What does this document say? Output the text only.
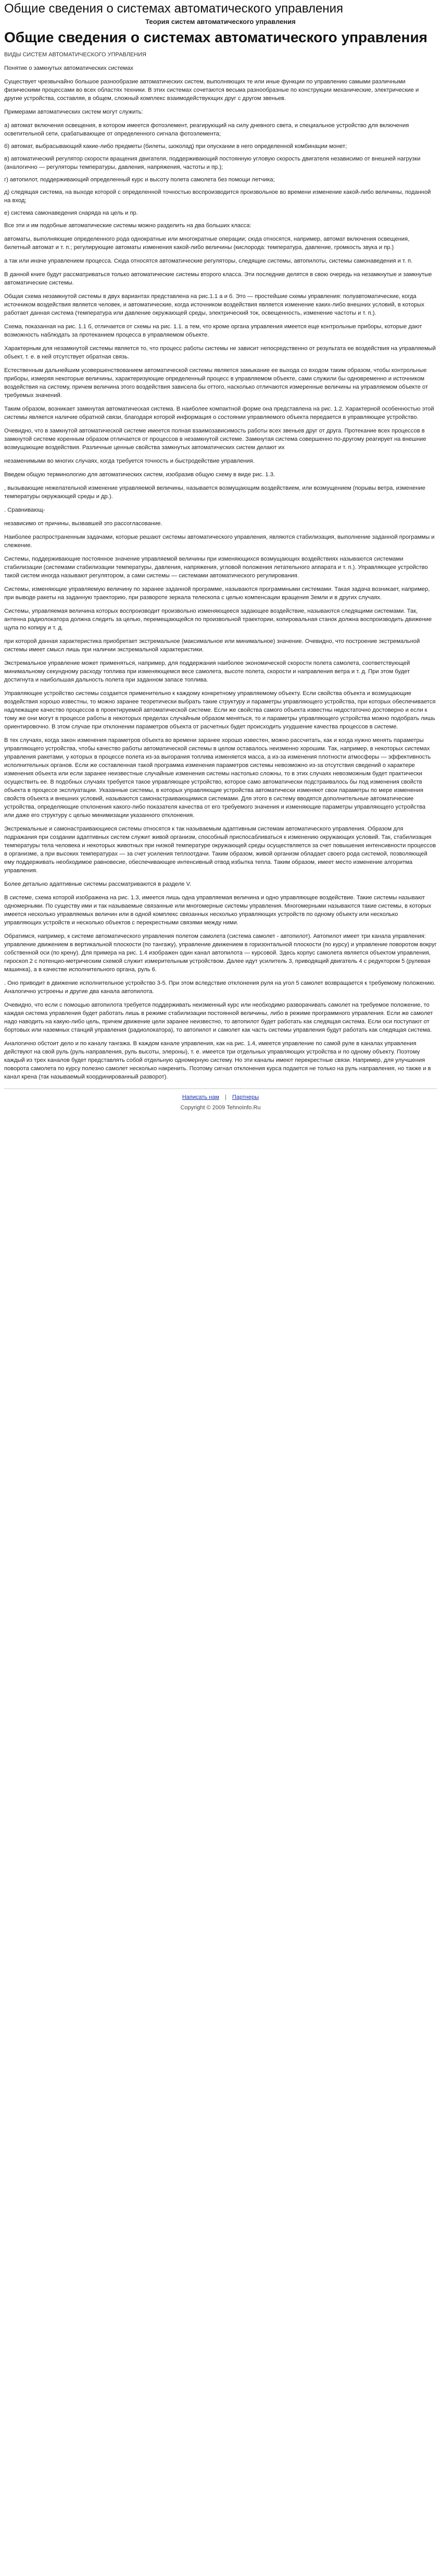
Общие сведения о системах автоматического управления
Теория систем автоматического управления
Общие сведения о системах автоматического управления
ВИДЫ СИСТЕМ АВТОМАТИЧЕСКОГО УПРАВЛЕНИЯ

Понятие о замкнутых автоматических системах

Существует чрезвычайно большое разнообразие автоматических систем, выполняющих те или иные функции по управлению самыми различными физическими процессами во всех областях техники. В этих системах сочетаются весьма разнообразные по конструкции механические, электрические и другие устройства, составляя, в общем, сложный комплекс взаимодействующих друг с другом звеньев.

Примерами автоматических систем могут служить:

а) автомат включения освещения, в котором имеется фотоэлемент, реагирующий на силу дневного света, и специальное устройство для включения осветительной сети, срабатывающее от определенного сигнала фотоэлемента;

б) автомат, выбрасывающий какие-либо предметы (билеты, шоколад) при опускании в него определенной комбинации монет;

в) автоматический регулятор скорости вращения двигателя, поддерживающий постоянную угловую скорость двигателя независимо от внешней нагрузки (аналогично — регуляторы температуры, давления, напряжения, частоты и пр.);

г) автопилот, поддерживающий определенный курс и высоту полета самолета без помощи летчика;

д) следящая система, на выходе которой с определенной точностью воспроизводится произвольное во времени изменение какой-либо величины, поданной на вход;

е) система самонаведения снаряда на цель и пр.

Все эти и им подобные автоматические системы можно разделить на два больших класса:

автоматы, выполняющие определенного рода однократные или многократные операции; сюда относятся, например, автомат включения освещения, билетный автомат и т. п.; регулирующие автоматы изменения какой-либо величины (кислорода: температура, давление, громкость звука и пр.)

а так или иначе управлением процесса. Сюда относятся автоматические регуляторы, следящие системы, автопилоты, системы самонаведения и т. п.

В данной книге будут рассматриваться только автоматические системы второго класса. Эти последние делятся в свою очередь на незамкнутые и замкнутые автоматические системы.

Общая схема незамкнутой системы в двух вариантах представлена на рис.1.1 а и б. Это — простейшие схемы управления: полуавтоматические, когда источником воздействия является человек, и автоматические, когда источником воздействия является изменение каких-либо внешних условий, в которых работает данная система (температура или давление окружающей среды, электрический ток, освещенность, изменение частоты и т. п.).

Схема, показанная на рис. 1.1 б, отличается от схемы на рис. 1.1. а тем, что кроме органа управления имеется еще контрольные приборы, которые дают возможность наблюдать за протеканием процесса в управляемом объекте.

Характерным для незамкнутой системы является то, что процесс работы системы не зависит непосредственно от результата ее воздействия на управляемый объект, т. е. в ней отсутствует обратная связь.

Естественным дальнейшим усовершенствованием автоматической системы является замыкание ее выхода со входом таким образом, чтобы контрольные приборы, измеряя некоторые величины, характеризующие определенный процесс в управляемом объекте, сами служили бы одновременно и источником воздействия на систему, причем величина этого воздействия зависела бы оттого, насколько отличаются измеренные величины на управляемом объекте от требуемых значений.

Таким образом, возникает замкнутая автоматическая система. В наиболее компактной форме она представлена на рис. 1.2. Характерной особенностью этой системы является наличие обратной связи, благодаря которой информация о состоянии управляемого объекта передается в управляющее устройство.

Очевидно, что в замкнутой автоматической системе имеется полная взаимозависимость работы всех звеньев друг от друга. Протекание всех процессов в замкнутой системе коренным образом отличается от процессов в незамкнутой системе. Замкнутая система совершенно по-другому реагирует на внешние возмущающие воздействия. Различные ценные свойства замкнутых автоматических систем делают их

незаменимыми во многих случаях, когда требуется точность и быстродействие управления.

Введем общую терминологию для автоматических систем, изобразив общую схему в виде рис. 1.3.

, вызывающие нежелательной изменение управляемой величины, называется возмущающим воздействием, или возмущением (порывы ветра, изменение температуры окружающей среды и др.).

. Сравнивающ-

независимо от причины, вызвавшей это рассогласование.

Наиболее распространенным задачами, которые решают системы автоматического управления, являются стабилизация, выполнение заданной программы и слежение.

Системы, поддерживающие постоянное значение управляемой величины при изменяющихся возмущающих воздействиях называются системами стабилизации (системами стабилизации температуры, давления, напряжения, угловой положения летательного аппарата и т. п.). Управляющее устройство такой систем иногда называют регулятором, а сами системы — системами автоматического регулирования.

Системы, изменяющие управляемую величину по заранее заданной программе, называются программными системами. Такая задача возникает, например, при выводе ракеты на заданную траекторию, при развороте зеркала телескопа с целью компенсации вращения Земли и в других случаях.

Системы, управляемая величина которых воспроизводит произвольно изменяющееся задающее воздействие, называются следящими системами. Так, антенна радиолокатора должна следить за целью, перемещающейся по произвольной траектории, копировальная станок должна воспроизводить движение щупа по копиру и т. д.

при которой данная характеристика приобретает экстремальное (максимальное или минимальное) значение. Очевидно, что построение экстремальной системы имеет смысл лишь при наличии экстремальной характеристики.

Экстремальное управление может применяться, например, для поддержания наиболее экономической скорости полета самолета, соответствующей минимальному секундному расходу топлива при изменяющемся весе самолета, высоте полета, скорости и направления ветра и т. д. При этом будет достигнута и наибольшая дальность полета при заданном запасе топлива.

Управляющее устройство системы создается применительно к каждому конкретному управляемому объекту. Если свойства объекта и возмущающие воздействия хорошо известны, то можно заранее теоретически выбрать такие структуру и параметры управляющего устройства, при которых обеспечивается надлежащее качество процессов в проектируемой автоматической системе. Если же свойства самого объекта известны недостаточно достоверно и если к тому же они могут в процессе работы в некоторых пределах случайным образом меняться, то и параметры управляющего устройства можно подобрать лишь ориентировочно. В этом случае при отклонении параметров объекта от расчетных будет происходить ухудшение качества процессов в системе.

В тех случаях, когда закон изменения параметров объекта во времени заранее хорошо известен, можно рассчитать, как и когда нужно менять параметры управляющего устройства, чтобы качество работы автоматической системы в целом оставалось неизменно хорошим. Так, например, в некоторых системах управления ракетами, у которых в процессе полета из-за выгорания топлива изменяется масса, а из-за изменения плотности атмосферы — эффективность исполнительных органов. Если же составленная такой программа изменения параметров системы невозможно из-за отсутствия сведений о характере изменения объекта или если заранее неизвестные случайные изменения системы настолько сложны, то в этих случаях невозможным будет практически осуществить ее. В подобных случаях требуется такое управляющее устройство, которое само автоматически подстраивалось бы под изменения свойств объекта в процессе эксплуатации. Указанные системы, в которых управляющие устройства автоматически изменяют свои параметры по мере изменения свойств объекта и внешних условий, называются самонастраивающимися системами. Для этого в систему вводятся дополнительные автоматические устройства, определяющие отклонения какого-либо показателя качества от его требуемого значения и изменяющие параметры управляющего устройства или даже его структуру с целью минимизации указанного отклонения.

Экстремальные и самонастраивающиеся системы относятся к так называемым адаптивным системам автоматического управления. Образом для подражания при создании адаптивных систем служит живой организм, способный приспосабливаться к изменению окружающих условий. Так, стабилизация температуры тела человека и некоторых животных при низкой температуре окружающей среды осуществляется за счет повышения интенсивности процессов в организме, а при высоких температурах — за счет усиления теплоотдачи. Таким образом, живой организм обладает своего рода системой, позволяющей ему поддерживать необходимое равновесие, обеспечивающее интенсивный отвод избытка тепла. Таким образом, имеет место изменение алгоритма управления.

Более детально адаптивные системы рассматриваются в разделе V.

В системе, схема которой изображена на рис. 1.3, имеется лишь одна управляемая величина и одно управляющее воздействие. Такие системы называют одномерными. По существу ими и так называемые связанные или многомерные системы управления. Многомерными называются такие системы, в которых имеется несколько управляемых величин или в одной комплекс связанных несколько управляющих устройств по одному объекту или несколько управляющих устройств и несколько объектов с перекрестными связями между ними.

Обратимся, например, к системе автоматического управления полетом самолета (система самолет - автопилот). Автопилот имеет три канала управления: управление движением в вертикальной плоскости (по тангажу), управление движением в горизонтальной плоскости (по курсу) и управление поворотом вокруг собственной оси (по крену). Для примера на рис. 1.4 изображен один канал автопилота — курсовой. Здесь корпус самолета является объектом управления, гироскоп 2 с потенцио-метрическим схемой служит измерительным устройством. Далее идут усилитель 3, приводящий двигатель 4 с редуктором 5 (рулевая машинка), а в качестве исполнительного органа, руль 6.

. Оно приводит в движение исполнительное устройство 3-5. При этом вследствие отклонения руля на угол 5 самолет возвращается к требуемому положению. Аналогично устроены и другие два канала автопилота.

Очевидно, что если с помощью автопилота требуется поддерживать неизменный курс или необходимо разворачивать самолет на требуемое положение, то каждая система управления будет работать лишь в режиме стабилизации постоянной величины, либо в режиме программного управления. Если же самолет надо наводить на какую-либо цель, причем движение цели заранее неизвестно, то автопилот будет работать как следящая система. Если оси поступают от бортовых или наземных станций управления (радиолокатора), то автопилот и самолет как часть системы управления будут работать как следящая система.

Аналогично обстоит дело и по каналу тангажа. В каждом канале управления, как на рис. 1.4, имеется управление по самой руле в каналах управления действуют на свой руль (руль направления, руль высоты, элероны), т. е. имеется три отдельных управляющих устройства и по одному объекту. Поэтому каждый из трех каналов будет представлять собой отдельную одномерную систему. Но эти каналы имеют перекрестные связи. Например, для улучшения поворота самолета по курсу полезно самолет несколько накренить. Поэтому сигнал отклонения курса подается не только на руль направления, но также и в канал крена (так называемый координированный разворот).

Написать нам | Партнеры
Copyright © 2009 TehnoInfo.Ru
